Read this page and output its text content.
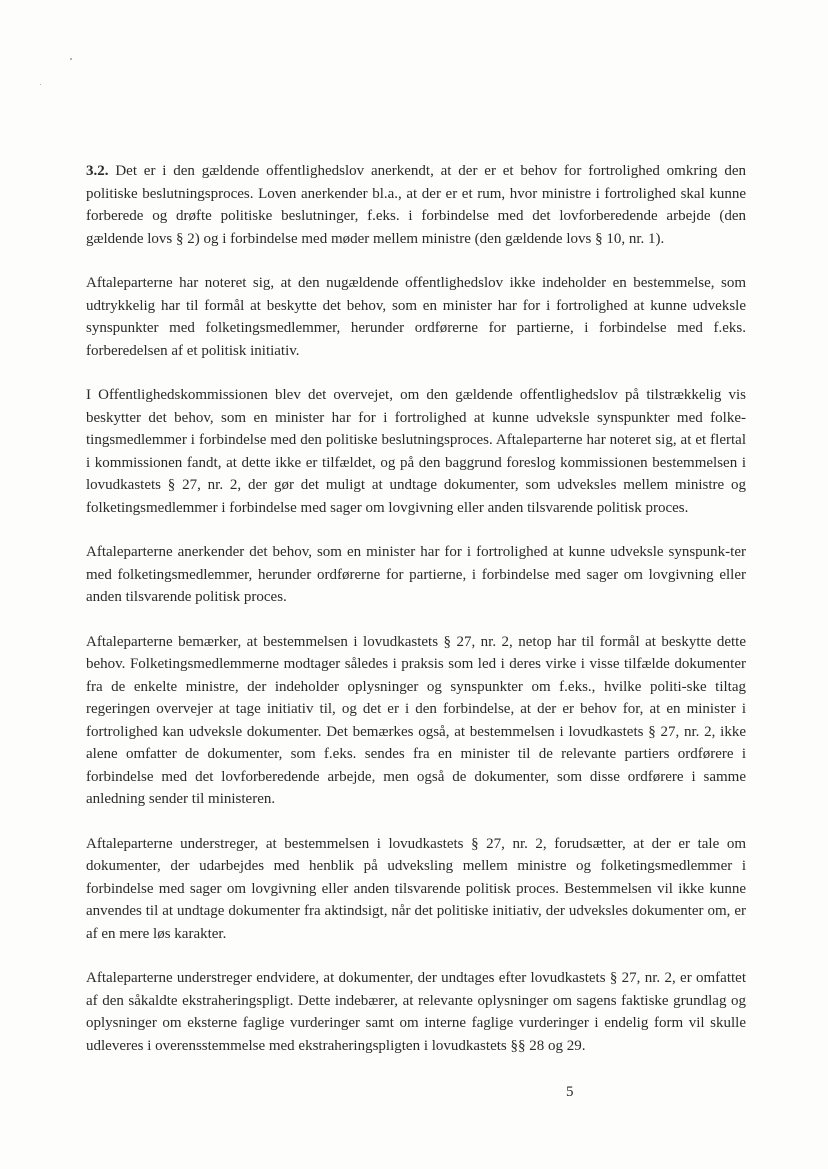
3.2. Det er i den gældende offentlighedslov anerkendt, at der er et behov for fortrolighed omkring den politiske beslutningsproces. Loven anerkender bl.a., at der er et rum, hvor ministre i fortrolighed skal kunne forberede og drøfte politiske beslutninger, f.eks. i forbindelse med det lovforberedende arbejde (den gældende lovs § 2) og i forbindelse med møder mellem ministre (den gældende lovs § 10, nr. 1).

Aftaleparterne har noteret sig, at den nugældende offentlighedslov ikke indeholder en bestemmelse, som udtrykkelig har til formål at beskytte det behov, som en minister har for i fortrolighed at kunne udveksle synspunkter med folketingsmedlemmer, herunder ordførerne for partierne, i forbindelse med f.eks. forberedelsen af et politisk initiativ.

I Offentlighedskommissionen blev det overvejet, om den gældende offentlighedslov på tilstrækkelig vis beskytter det behov, som en minister har for i fortrolighed at kunne udveksle synspunkter med folke-tingsmedlemmer i forbindelse med den politiske beslutningsproces. Aftaleparterne har noteret sig, at et flertal i kommissionen fandt, at dette ikke er tilfældet, og på den baggrund foreslog kommissionen bestemmelsen i lovudkastets § 27, nr. 2, der gør det muligt at undtage dokumenter, som udveksles mellem ministre og folketingsmedlemmer i forbindelse med sager om lovgivning eller anden tilsvarende politisk proces.

Aftaleparterne anerkender det behov, som en minister har for i fortrolighed at kunne udveksle synspunk-ter med folketingsmedlemmer, herunder ordførerne for partierne, i forbindelse med sager om lovgivning eller anden tilsvarende politisk proces.

Aftaleparterne bemærker, at bestemmelsen i lovudkastets § 27, nr. 2, netop har til formål at beskytte dette behov. Folketingsmedlemmerne modtager således i praksis som led i deres virke i visse tilfælde dokumenter fra de enkelte ministre, der indeholder oplysninger og synspunkter om f.eks., hvilke politi-ske tiltag regeringen overvejer at tage initiativ til, og det er i den forbindelse, at der er behov for, at en minister i fortrolighed kan udveksle dokumenter. Det bemærkes også, at bestemmelsen i lovudkastets § 27, nr. 2, ikke alene omfatter de dokumenter, som f.eks. sendes fra en minister til de relevante partiers ordførere i forbindelse med det lovforberedende arbejde, men også de dokumenter, som disse ordførere i samme anledning sender til ministeren.

Aftaleparterne understreger, at bestemmelsen i lovudkastets § 27, nr. 2, forudsætter, at der er tale om dokumenter, der udarbejdes med henblik på udveksling mellem ministre og folketingsmedlemmer i forbindelse med sager om lovgivning eller anden tilsvarende politisk proces. Bestemmelsen vil ikke kunne anvendes til at undtage dokumenter fra aktindsigt, når det politiske initiativ, der udveksles dokumenter om, er af en mere løs karakter.

Aftaleparterne understreger endvidere, at dokumenter, der undtages efter lovudkastets § 27, nr. 2, er omfattet af den såkaldte ekstraheringspligt. Dette indebærer, at relevante oplysninger om sagens faktiske grundlag og oplysninger om eksterne faglige vurderinger samt om interne faglige vurderinger i endelig form vil skulle udleveres i overensstemmelse med ekstraheringspligten i lovudkastets §§ 28 og 29.

5
